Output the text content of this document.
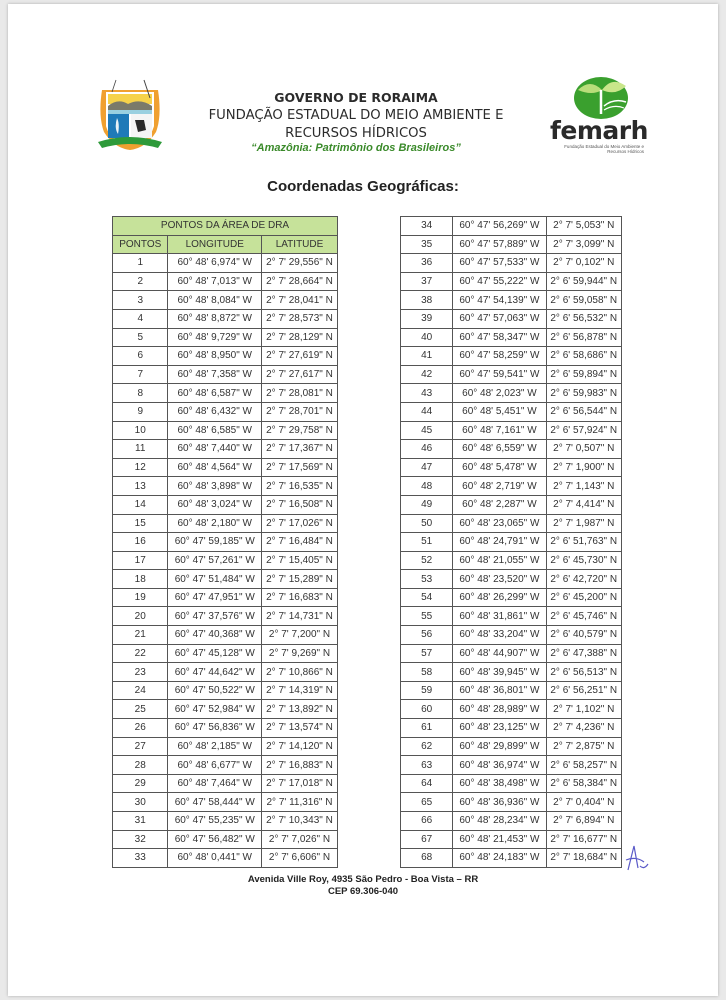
GOVERNO DE RORAIMA
FUNDAÇÃO ESTADUAL DO MEIO AMBIENTE E
RECURSOS HÍDRICOS
“Amazônia: Patrimônio dos Brasileiros”
femarh
Fundação Estadual do Meio Ambiente e Recursos Hídricos
Coordenadas Geográficas:
PONTOS DA ÁREA DE DRA		
PONTOS	LONGITUDE	LATITUDE
1	60° 48' 6,974" W	2° 7' 29,556" N
2	60° 48' 7,013" W	2° 7' 28,664" N
3	60° 48' 8,084" W	2° 7' 28,041" N
4	60° 48' 8,872" W	2° 7' 28,573" N
5	60° 48' 9,729" W	2° 7' 28,129" N
6	60° 48' 8,950" W	2° 7' 27,619" N
7	60° 48' 7,358" W	2° 7' 27,617" N
8	60° 48' 6,587" W	2° 7' 28,081" N
9	60° 48' 6,432" W	2° 7' 28,701" N
10	60° 48' 6,585" W	2° 7' 29,758" N
11	60° 48' 7,440" W	2° 7' 17,367" N
12	60° 48' 4,564" W	2° 7' 17,569" N
13	60° 48' 3,898" W	2° 7' 16,535" N
14	60° 48' 3,024" W	2° 7' 16,508" N
15	60° 48' 2,180" W	2° 7' 17,026" N
16	60° 47' 59,185" W	2° 7' 16,484" N
17	60° 47' 57,261" W	2° 7' 15,405" N
18	60° 47' 51,484" W	2° 7' 15,289" N
19	60° 47' 47,951" W	2° 7' 16,683" N
20	60° 47' 37,576" W	2° 7' 14,731" N
21	60° 47' 40,368" W	2° 7' 7,200" N
22	60° 47' 45,128" W	2° 7' 9,269" N
23	60° 47' 44,642" W	2° 7' 10,866" N
24	60° 47' 50,522" W	2° 7' 14,319" N
25	60° 47' 52,984" W	2° 7' 13,892" N
26	60° 47' 56,836" W	2° 7' 13,574" N
27	60° 48' 2,185" W	2° 7' 14,120" N
28	60° 48' 6,677" W	2° 7' 16,883" N
29	60° 48' 7,464" W	2° 7' 17,018" N
30	60° 47' 58,444" W	2° 7' 11,316" N
31	60° 47' 55,235" W	2° 7' 10,343" N
32	60° 47' 56,482" W	2° 7' 7,026" N
33	60° 48' 0,441" W	2° 7' 6,606" N
34	60° 47' 56,269" W	2° 7' 5,053" N
35	60° 47' 57,889" W	2° 7' 3,099" N
36	60° 47' 57,533" W	2° 7' 0,102" N
37	60° 47' 55,222" W	2° 6' 59,944" N
38	60° 47' 54,139" W	2° 6' 59,058" N
39	60° 47' 57,063" W	2° 6' 56,532" N
40	60° 47' 58,347" W	2° 6' 56,878" N
41	60° 47' 58,259" W	2° 6' 58,686" N
42	60° 47' 59,541" W	2° 6' 59,894" N
43	60° 48' 2,023" W	2° 6' 59,983" N
44	60° 48' 5,451" W	2° 6' 56,544" N
45	60° 48' 7,161" W	2° 6' 57,924" N
46	60° 48' 6,559" W	2° 7' 0,507" N
47	60° 48' 5,478" W	2° 7' 1,900" N
48	60° 48' 2,719" W	2° 7' 1,143" N
49	60° 48' 2,287" W	2° 7' 4,414" N
50	60° 48' 23,065" W	2° 7' 1,987" N
51	60° 48' 24,791" W	2° 6' 51,763" N
52	60° 48' 21,055" W	2° 6' 45,730" N
53	60° 48' 23,520" W	2° 6' 42,720" N
54	60° 48' 26,299" W	2° 6' 45,200" N
55	60° 48' 31,861" W	2° 6' 45,746" N
56	60° 48' 33,204" W	2° 6' 40,579" N
57	60° 48' 44,907" W	2° 6' 47,388" N
58	60° 48' 39,945" W	2° 6' 56,513" N
59	60° 48' 36,801" W	2° 6' 56,251" N
60	60° 48' 28,989" W	2° 7' 1,102" N
61	60° 48' 23,125" W	2° 7' 4,236" N
62	60° 48' 29,899" W	2° 7' 2,875" N
63	60° 48' 36,974" W	2° 6' 58,257" N
64	60° 48' 38,498" W	2° 6' 58,384" N
65	60° 48' 36,936" W	2° 7' 0,404" N
66	60° 48' 28,234" W	2° 7' 6,894" N
67	60° 48' 21,453" W	2° 7' 16,677" N
68	60° 48' 24,183" W	2° 7' 18,684" N
Avenida Ville Roy, 4935 São Pedro - Boa Vista – RR
CEP 69.306-040
